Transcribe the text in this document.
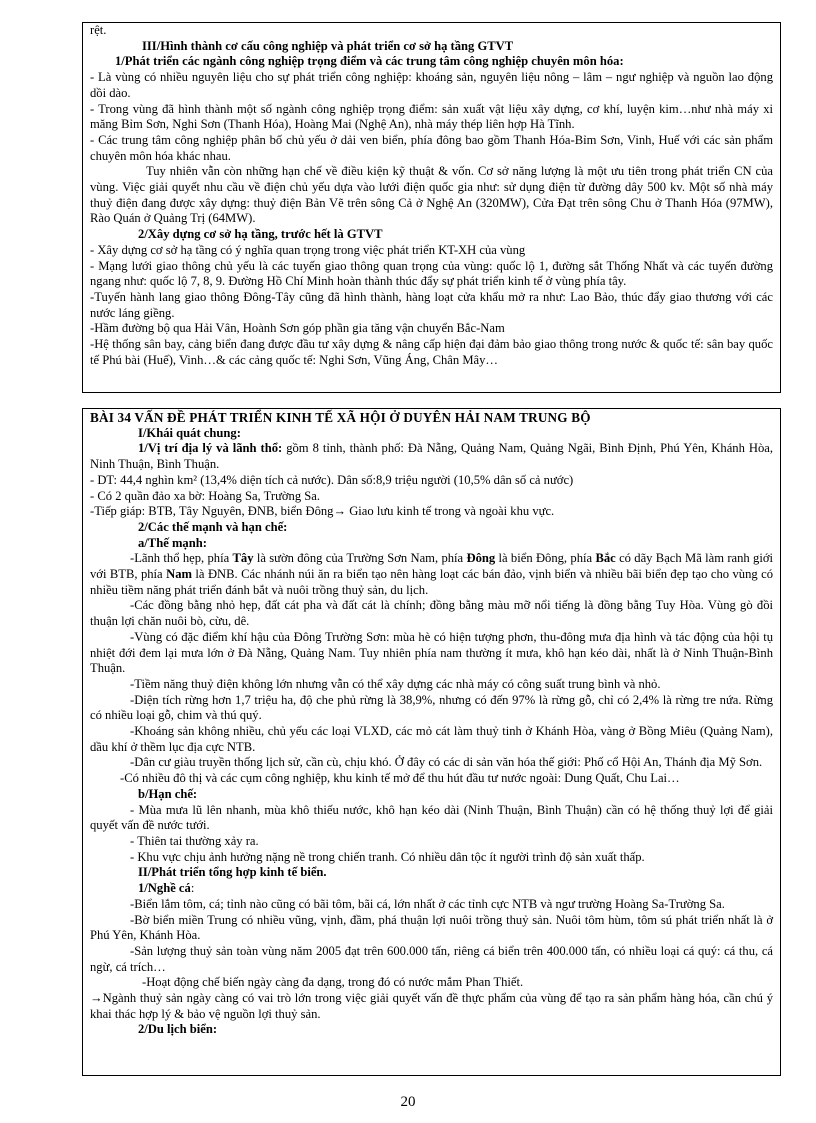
rệt.

III/Hình thành cơ cấu công nghiệp và phát triển cơ sở hạ tầng GTVT

1/Phát triển các ngành công nghiệp trọng điểm và các trung tâm công nghiệp chuyên môn hóa:

- Là vùng có nhiều nguyên liệu cho sự phát triển công nghiệp: khoáng sản, nguyên liệu nông – lâm – ngư nghiệp và nguồn lao động dồi dào.

- Trong vùng đã hình thành một số ngành công nghiệp trọng điểm: sản xuất vật liệu xây dựng, cơ khí, luyện kim…như nhà máy xi măng Bỉm Sơn, Nghi Sơn (Thanh Hóa), Hoàng Mai (Nghệ An), nhà máy thép liên hợp Hà Tĩnh.

- Các trung tâm công nghiệp phân bố chủ yếu ở dải ven biển, phía đông bao gồm Thanh Hóa-Bỉm Sơn, Vinh, Huế với các sản phẩm chuyên môn hóa khác nhau.

Tuy nhiên vẫn còn những hạn chế về điều kiện kỹ thuật & vốn. Cơ sở năng lượng là một ưu tiên trong phát triển CN của vùng. Việc giải quyết nhu cầu về điện chủ yếu dựa vào lưới điện quốc gia như: sử dụng điện từ đường dây 500 kv. Một số nhà máy thuỷ điện đang được xây dựng: thuỷ điện Bản Vẽ trên sông Cả ở Nghệ An (320MW), Cửa Đạt trên sông Chu ở Thanh Hóa (97MW), Rào Quán ở Quảng Trị (64MW).

2/Xây dựng cơ sở hạ tầng, trước hết là GTVT

- Xây dựng cơ sở hạ tầng có ý nghĩa quan trọng trong việc phát triển KT-XH của vùng

- Mạng lưới giao thông chủ yếu là các tuyến giao thông quan trọng của vùng: quốc lộ 1, đường sắt Thống Nhất và các tuyến đường ngang như: quốc lộ 7, 8, 9. Đường Hồ Chí Minh hoàn thành thúc đẩy sự phát triển kinh tế ở vùng phía tây.

-Tuyến hành lang giao thông Đông-Tây cũng đã hình thành, hàng loạt cửa khẩu mở ra như: Lao Bảo, thúc đẩy giao thương với các nước láng giềng.

-Hầm đường bộ qua Hải Vân, Hoành Sơn góp phần gia tăng vận chuyển Bắc-Nam

-Hệ thống sân bay, cảng biển đang được đầu tư xây dựng & nâng cấp hiện đại đảm bảo giao thông trong nước & quốc tế: sân bay quốc tế Phú bài (Huế), Vinh…& các cảng quốc tế: Nghi Sơn, Vũng Áng, Chân Mây…

BÀI 34 VẤN ĐỀ PHÁT TRIỂN KINH TẾ XÃ HỘI Ở DUYÊN HẢI NAM TRUNG BỘ

I/Khái quát chung:

1/Vị trí địa lý và lãnh thổ: gồm 8 tỉnh, thành phố: Đà Nẵng, Quảng Nam, Quảng Ngãi, Bình Định, Phú Yên, Khánh Hòa, Ninh Thuận, Bình Thuận.

- DT: 44,4 nghìn km² (13,4% diện tích cả nước). Dân số:8,9 triệu người (10,5% dân số cả nước)

- Có 2 quần đảo xa bờ: Hoàng Sa, Trường Sa.

-Tiếp giáp: BTB, Tây Nguyên, ĐNB, biển Đông→ Giao lưu kinh tế trong và ngoài khu vực.

2/Các thế mạnh và hạn chế:

a/Thế mạnh:

-Lãnh thổ hẹp, phía Tây là sườn đông của Trường Sơn Nam, phía Đông là biển Đông, phía Bắc có dãy Bạch Mã làm ranh giới với BTB, phía Nam là ĐNB. Các nhánh núi ăn ra biển tạo nên hàng loạt các bán đảo, vịnh biển và nhiều bãi biển đẹp tạo cho vùng có nhiều tiềm năng phát triển đánh bắt và nuôi trồng thuỷ sản, du lịch.

-Các đồng bằng nhỏ hẹp, đất cát pha và đất cát là chính; đồng bằng màu mỡ nổi tiếng là đồng bằng Tuy Hòa. Vùng gò đồi thuận lợi chăn nuôi bò, cừu, dê.

-Vùng có đặc điểm khí hậu của Đông Trường Sơn: mùa hè có hiện tượng phơn, thu-đông mưa địa hình và tác động của hội tụ nhiệt đới đem lại mưa lớn ở Đà Nẵng, Quảng Nam. Tuy nhiên phía nam thường ít mưa, khô hạn kéo dài, nhất là ở Ninh Thuận-Bình Thuận.

-Tiềm năng thuỷ điện không lớn nhưng vẫn có thể xây dựng các nhà máy có công suất trung bình và nhỏ.

-Diện tích rừng hơn 1,7 triệu ha, độ che phủ rừng là 38,9%, nhưng có đến 97% là rừng gỗ, chỉ có 2,4% là rừng tre nứa. Rừng có nhiều loại gỗ, chim và thú quý.

-Khoáng sản không nhiều, chủ yếu các loại VLXD, các mỏ cát làm thuỷ tinh ở Khánh Hòa, vàng ở Bồng Miêu (Quảng Nam), dầu khí ở thềm lục địa cực NTB.

-Dân cư giàu truyền thống lịch sử, cần cù, chịu khó. Ở đây có các di sản văn hóa thế giới: Phố cổ Hội An, Thánh địa Mỹ Sơn.

-Có nhiều đô thị và các cụm công nghiệp, khu kinh tế mở để thu hút đầu tư nước ngoài: Dung Quất, Chu Lai…

b/Hạn chế:

- Mùa mưa lũ lên nhanh, mùa khô thiếu nước, khô hạn kéo dài (Ninh Thuận, Bình Thuận) cần có hệ thống thuỷ lợi để giải quyết vấn đề nước tưới.

- Thiên tai thường xảy ra.

- Khu vực chịu ảnh hưởng nặng nề trong chiến tranh. Có nhiều dân tộc ít người trình độ sản xuất thấp.

II/Phát triển tổng hợp kinh tế biển.

1/Nghề cá:

-Biển lắm tôm, cá; tỉnh nào cũng có bãi tôm, bãi cá, lớn nhất ở các tỉnh cực NTB và ngư trường Hoàng Sa-Trường Sa.

-Bờ biển miền Trung có nhiều vũng, vịnh, đầm, phá thuận lợi nuôi trồng thuỷ sản. Nuôi tôm hùm, tôm sú phát triển nhất là ở Phú Yên, Khánh Hòa.

-Sản lượng thuỷ sản toàn vùng năm 2005 đạt trên 600.000 tấn, riêng cá biển trên 400.000 tấn, có nhiều loại cá quý: cá thu, cá ngừ, cá trích…

-Hoạt động chế biến ngày càng đa dạng, trong đó có nước mắm Phan Thiết.

→Ngành thuỷ sản ngày càng có vai trò lớn trong việc giải quyết vấn đề thực phẩm của vùng để tạo ra sản phẩm hàng hóa, cần chú ý khai thác hợp lý & bảo vệ nguồn lợi thuỷ sản.

2/Du lịch biển:

20
